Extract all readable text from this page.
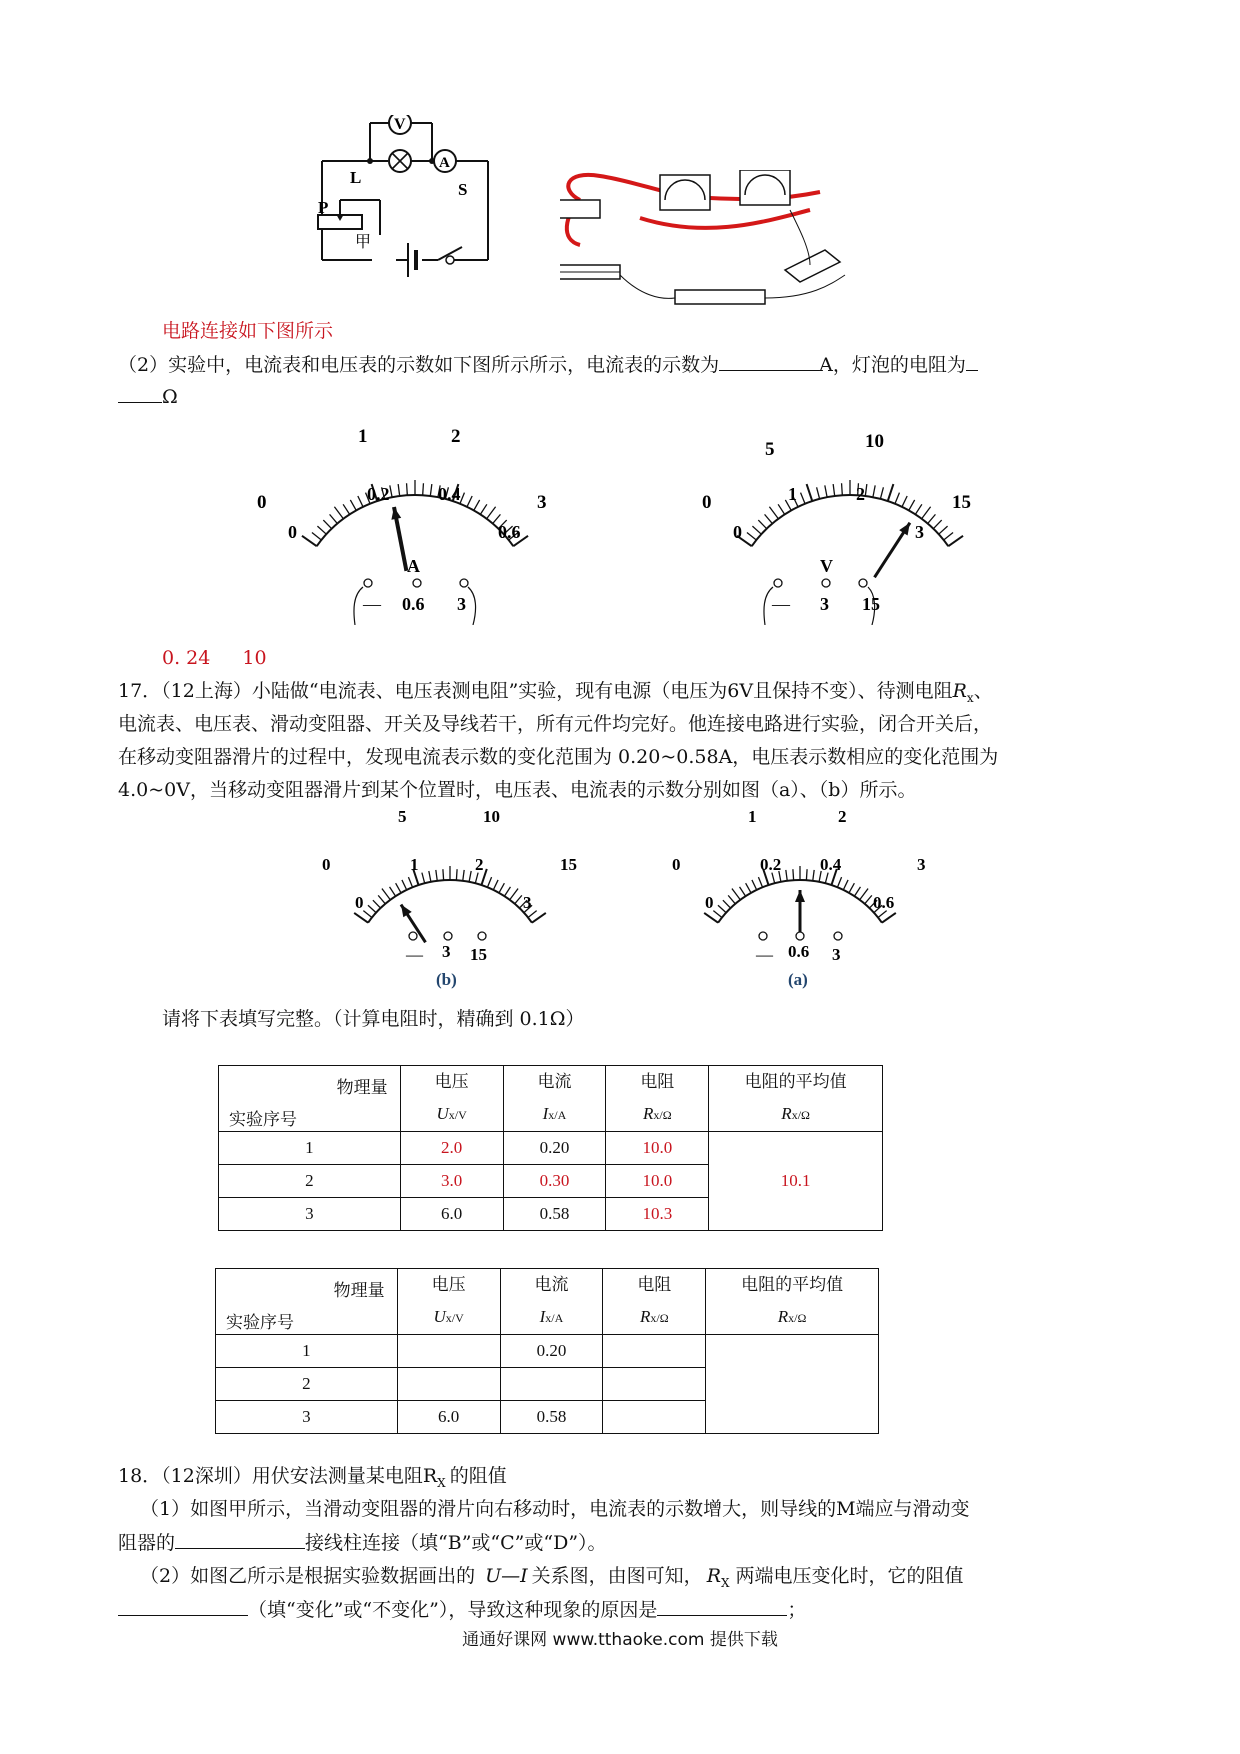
V
A
L
S
P
甲
电路连接如下图所示
（2）实验中，电流表和电压表的示数如下图所示所示，电流表的示数为	A，灯泡的电阻为
Ω
0
1	2
3
0
0.2	0.4
0.6
A
— 0.6 3
0
5	10
15
0
1	2
3
V
— 3 15
0. 24 10
17．（12上海）小陆做“电流表、电压表测电阻”实验，现有电源（电压为6V且保持不变）、待测电阻$R_x$、
电流表、电压表、滑动变阻器、开关及导线若干，所有元件均完好。他连接电路进行实验，闭合开关后，
在移动变阻器滑片的过程中，发现电流表示数的变化范围为 0.20~0.58A，电压表示数相应的变化范围为
4.0~0V，当移动变阻器滑片到某个位置时，电压表、电流表的示数分别如图（a）、（b）所示。
0
5	10
15
0
1	2
3
— 3 15
(b)
0
1	2
3
0
0.2 0.4
0.6
— 0.6 3
(a)
请将下表填写完整。（计算电阻时，精确到 0.1Ω）
物理量
实验序号	电压
Ux/V	电流
Ix/A	电阻
Rx/Ω	电阻的平均值
Rx/Ω

1	2.0	0.20	10.0	10.1
2	3.0	0.30	10.0	
3	6.0	0.58	10.3	
物理量
实验序号	电压
Ux/V	电流
Ix/A	电阻
Rx/Ω	电阻的平均值
Rx/Ω

1		0.20		
2				
3	6.0	0.58		
18．（12深圳）用伏安法测量某电阻$R_X$ 的阻值
（1）如图甲所示，当滑动变阻器的滑片向右移动时，电流表的示数增大，则导线的M端应与滑动变
阻器的	接线柱连接（填“B”或“C”或“D”）。
（2）如图乙所示是根据实验数据画出的 U—I 关系图，由图可知， $R_X$ 两端电压变化时，它的阻值
（填“变化”或“不变化”），导致这种现象的原因是	；
通通好课网 www.tthaoke.com 提供下载
